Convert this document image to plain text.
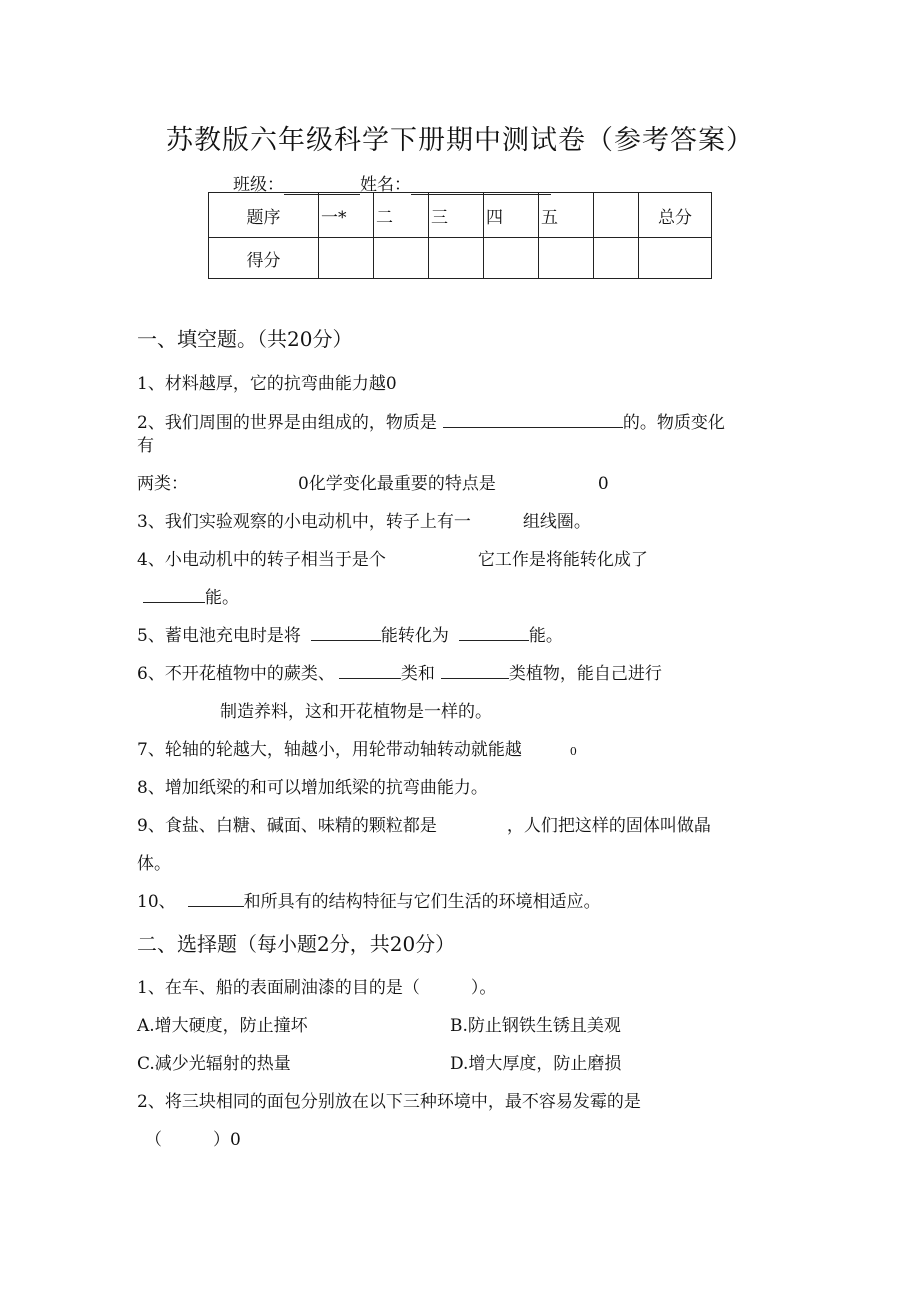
苏教版六年级科学下册期中测试卷（参考答案）
班级：	姓名：
题序	一*	二	三	四	五		总分
得分							
一、填空题。（共20分）
1、材料越厚，它的抗弯曲能力越0
2、我们周围的世界是由组成的，物质是	的。物质变化
有
两类：	0化学变化最重要的特点是	0
3、我们实验观察的小电动机中，转子上有一	组线圈。
4、小电动机中的转子相当于是个	它工作是将能转化成了
能。
5、蓄电池充电时是将	能转化为	能。
6、不开花植物中的蕨类、	类和	类植物，能自己进行
制造养料，这和开花植物是一样的。
7、轮轴的轮越大，轴越小，用轮带动轴转动就能越	0
8、增加纸梁的和可以增加纸梁的抗弯曲能力。
9、食盐、白糖、碱面、味精的颗粒都是	，人们把这样的固体叫做晶
体。
10、	和所具有的结构特征与它们生活的环境相适应。
二、选择题（每小题2分，共20分）
1、在车、船的表面刷油漆的目的是（　　　）。
A.增大硬度，防止撞坏	B.防止钢铁生锈且美观
C.减少光辐射的热量	D.增大厚度，防止磨损
2、将三块相同的面包分别放在以下三种环境中，最不容易发霉的是
（　　　）0
